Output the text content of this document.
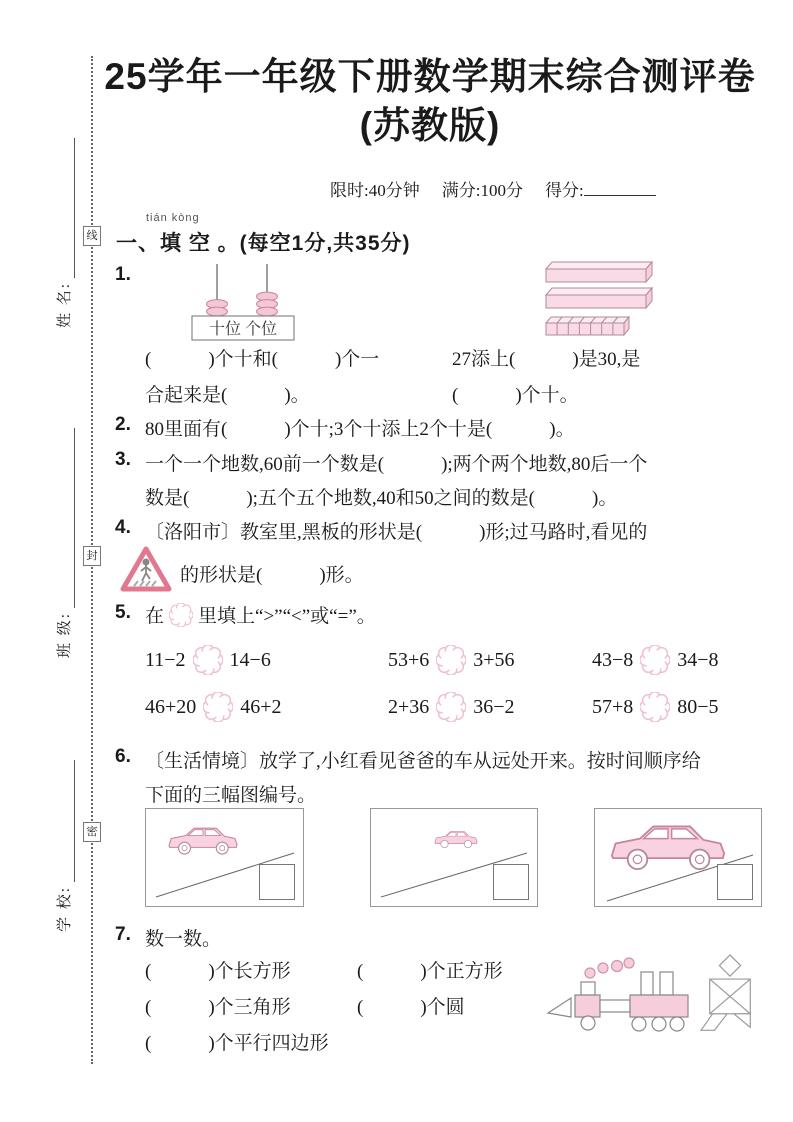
姓 名:
班 级:
学 校:
线
封
密
25学年一年级下册数学期末综合测评卷
(苏教版)
限时:40分钟 满分:100分 得分:
tián kòng
一、填 空 。(每空1分,共35分)
1.
十位 个位
(            )个十和(            )个一
合起来是(            )。
27添上(            )是30,是
(            )个十。
2. 80里面有(            )个十;3个十添上2个十是(            )。
3. 一个一个地数,60前一个数是(            );两个两个地数,80后一个
数是(            );五个五个地数,40和50之间的数是(            )。
4. 〔洛阳市〕教室里,黑板的形状是(            )形;过马路时,看见的
的形状是(            )形。
5. 在 里填上“>”“<”或“=”。
11−2 14−6	53+6 3+56	43−8 34−8
46+20 46+2	2+36 36−2	57+8 80−5
6. 〔生活情境〕放学了,小红看见爸爸的车从远处开来。按时间顺序给
下面的三幅图编号。
7. 数一数。
(            )个长方形	(            )个正方形
(            )个三角形	(            )个圆
(            )个平行四边形
